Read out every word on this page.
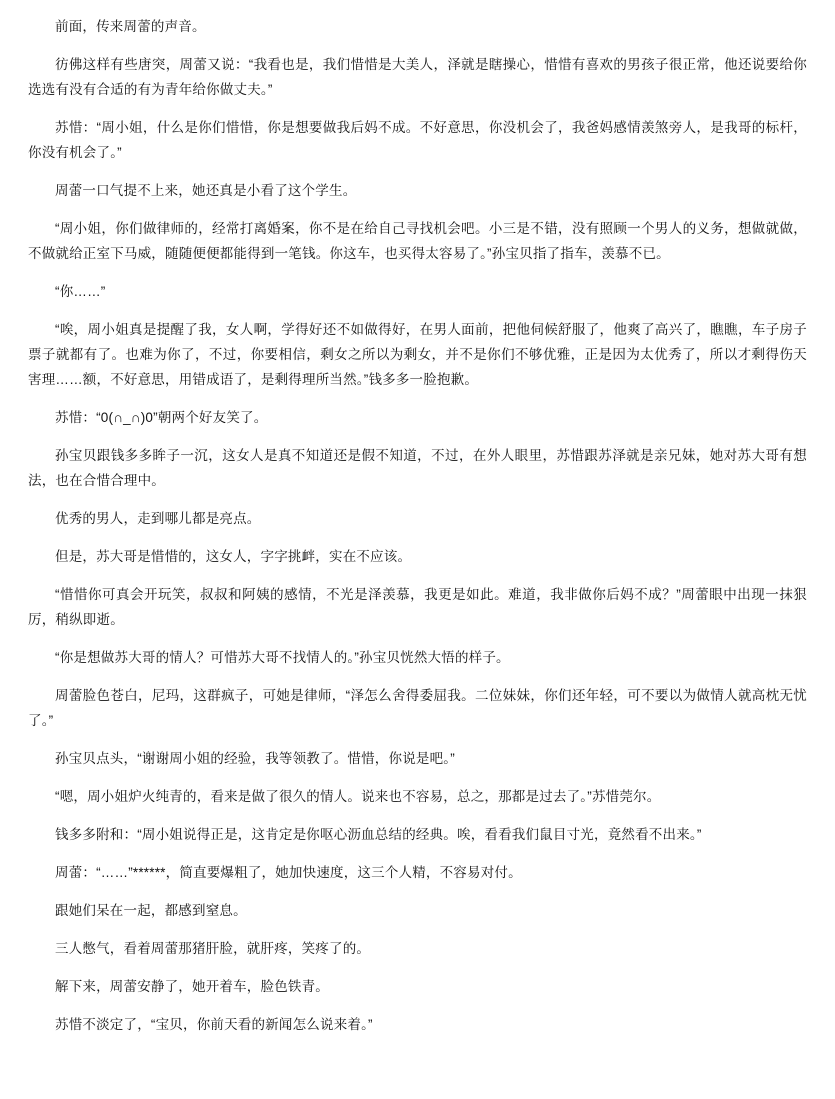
前面，传来周蕾的声音。

彷佛这样有些唐突，周蕾又说：“我看也是，我们惜惜是大美人，泽就是瞎操心，惜惜有喜欢的男孩子很正常，他还说要给你选选有没有合适的有为青年给你做丈夫。”

苏惜：“周小姐，什么是你们惜惜，你是想要做我后妈不成。不好意思，你没机会了，我爸妈感情羡煞旁人，是我哥的标杆，你没有机会了。”

周蕾一口气提不上来，她还真是小看了这个学生。

“周小姐，你们做律师的，经常打离婚案，你不是在给自己寻找机会吧。小三是不错，没有照顾一个男人的义务，想做就做，不做就给正室下马威，随随便便都能得到一笔钱。你这车，也买得太容易了。”孙宝贝指了指车，羡慕不已。

“你……”

“唉，周小姐真是提醒了我，女人啊，学得好还不如做得好，在男人面前，把他伺候舒服了，他爽了高兴了，瞧瞧，车子房子票子就都有了。也难为你了，不过，你要相信，剩女之所以为剩女，并不是你们不够优雅，正是因为太优秀了，所以才剩得伤天害理……额，不好意思，用错成语了，是剩得理所当然。”钱多多一脸抱歉。

苏惜：“0(∩_∩)0”朝两个好友笑了。

孙宝贝跟钱多多眸子一沉，这女人是真不知道还是假不知道，不过，在外人眼里，苏惜跟苏泽就是亲兄妹，她对苏大哥有想法，也在合惜合理中。

优秀的男人，走到哪儿都是亮点。

但是，苏大哥是惜惜的，这女人，字字挑衅，实在不应该。

“惜惜你可真会开玩笑，叔叔和阿姨的感情，不光是泽羡慕，我更是如此。难道，我非做你后妈不成？”周蕾眼中出现一抹狠厉，稍纵即逝。

“你是想做苏大哥的情人？可惜苏大哥不找情人的。”孙宝贝恍然大悟的样子。

周蕾脸色苍白，尼玛，这群疯子，可她是律师，“泽怎么舍得委屈我。二位妹妹，你们还年轻，可不要以为做情人就高枕无忧了。”

孙宝贝点头，“谢谢周小姐的经验，我等领教了。惜惜，你说是吧。”

“嗯，周小姐炉火纯青的，看来是做了很久的情人。说来也不容易，总之，那都是过去了。”苏惜莞尔。

钱多多附和：“周小姐说得正是，这肯定是你呕心沥血总结的经典。唉，看看我们鼠目寸光，竟然看不出来。”

周蕾：“……”******，简直要爆粗了，她加快速度，这三个人精，不容易对付。

跟她们呆在一起，都感到窒息。

三人憋气，看着周蕾那猪肝脸，就肝疼，笑疼了的。

解下来，周蕾安静了，她开着车，脸色铁青。

苏惜不淡定了，“宝贝，你前天看的新闻怎么说来着。”
